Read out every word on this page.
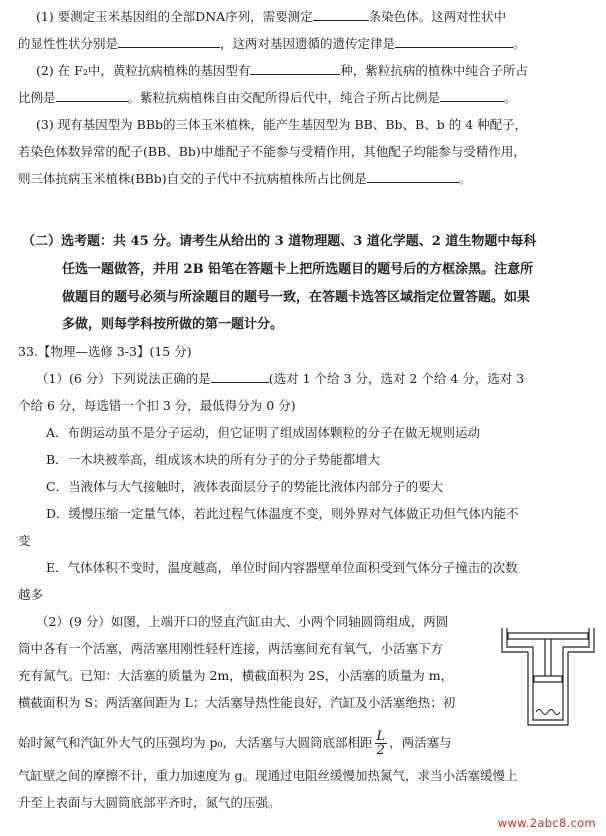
(1) 要测定玉米基因组的全部DNA序列，需要测定	条染色体。这两对性状中
的显性性状分别是	，这两对基因遗循的遗传定律是	。
(2) 在 F₂中，黄粒抗病植株的基因型有	种，紫粒抗病的植株中纯合子所占
比例是	。紫粒抗病植株自由交配所得后代中，纯合子所占比例是	。
(3) 现有基因型为 BBb的三体玉米植株，能产生基因型为 BB、Bb、B、b 的 4 种配子，
若染色体数异常的配子(BB、Bb)中雄配子不能参与受精作用，其他配子均能参与受精作用，
则三体抗病玉米植株(BBb)自交的子代中不抗病植株所占比例是	。
（二）选考题：共 45 分。请考生从给出的 3 道物理题、3 道化学题、2 道生物题中每科
任选一题做答，并用 2B 铅笔在答题卡上把所选题目的题号后的方框涂黑。注意所
做题目的题号必须与所涂题目的题号一致，在答题卡选答区域指定位置答题。如果
多做，则每学科按所做的第一题计分。
33.【物理—选修 3-3】(15 分)
（1）(6 分）下列说法正确的是	(选对 1 个给 3 分，选对 2 个给 4 分，选对 3
个给 6 分，每选错一个扣 3 分，最低得分为 0 分)
A．布朗运动虽不是分子运动，但它证明了组成固体颗粒的分子在做无规则运动
B．一木块被举高，组成该木块的所有分子的分子势能都增大
C．当液体与大气接触时，液体表面层分子的势能比液体内部分子的要大
D．缓慢压缩一定量气体，若此过程气体温度不变，则外界对气体做正功但气体内能不
变
E．气体体积不变时，温度越高，单位时间内容器壁单位面积受到气体分子撞击的次数
越多
（2）(9 分）如图，上端开口的竖直汽缸由大、小两个同轴圆筒组成，两圆
筒中各有一个活塞，两活塞用刚性轻杆连接，两活塞间充有氧气，小活塞下方
充有氮气。已知：大活塞的质量为 2m，横截面积为 2S，小活塞的质量为 m，
横截面积为 S；两活塞间距为 L；大活塞导热性能良好，汽缸及小活塞绝热；初
始时氮气和汽缸外大气的压强均为 p₀，大活塞与大圆筒底部相距 $\frac{L}{2}$ ，两活塞与
气缸壁之间的摩擦不计，重力加速度为 g。现通过电阻丝缓慢加热氮气，求当小活塞缓慢上
升至上表面与大圆筒底部平齐时，氮气的压强。
www.2abc8.com
